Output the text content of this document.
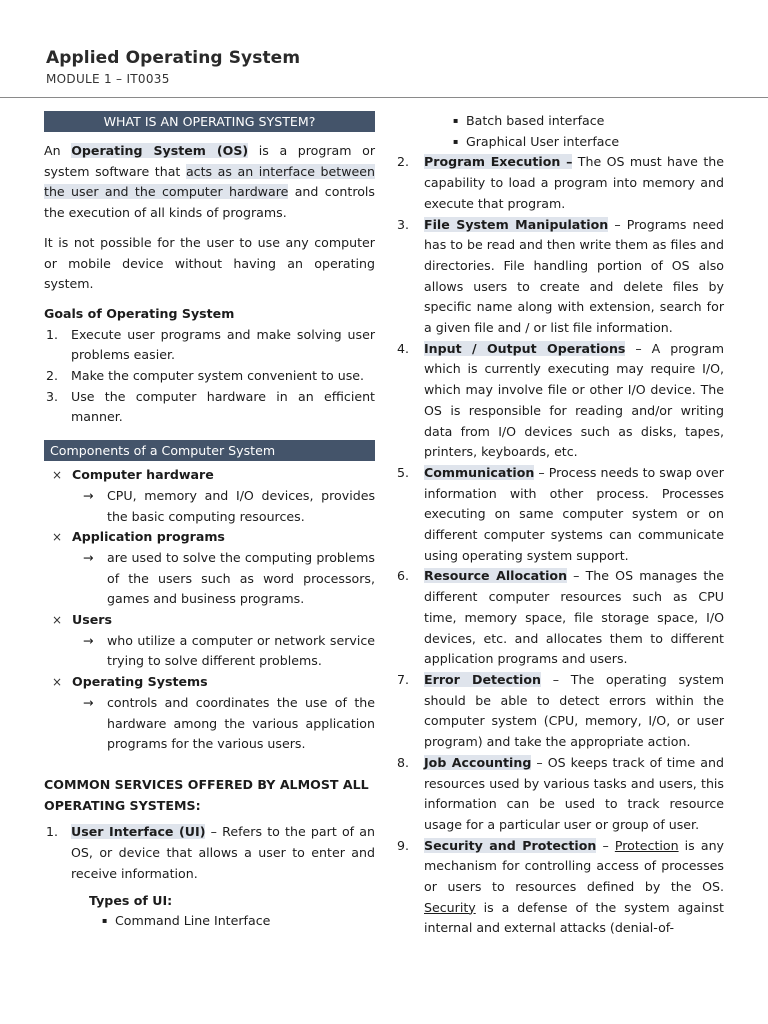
Applied Operating System
MODULE 1 – IT0035
WHAT IS AN OPERATING SYSTEM?

An Operating System (OS) is a program or system software that acts as an interface between the user and the computer hardware and controls the execution of all kinds of programs.

It is not possible for the user to use any computer or mobile device without having an operating system.

Goals of Operating System
1. Execute user programs and make solving user problems easier.
2. Make the computer system convenient to use.
3. Use the computer hardware in an efficient manner.
Components of a Computer System
× Computer hardware
→ CPU, memory and I/O devices, provides the basic computing resources.
× Application programs
→ are used to solve the computing problems of the users such as word processors, games and business programs.
× Users
→ who utilize a computer or network service trying to solve different problems.
× Operating Systems
→ controls and coordinates the use of the hardware among the various application programs for the various users.
COMMON SERVICES OFFERED BY ALMOST ALL OPERATING SYSTEMS:
1. User Interface (UI) – Refers to the part of an OS, or device that allows a user to enter and receive information.
Types of UI:
▪ Command Line Interface
▪ Batch based interface
▪ Graphical User interface
2. Program Execution – The OS must have the capability to load a program into memory and execute that program.
3. File System Manipulation – Programs need has to be read and then write them as files and directories. File handling portion of OS also allows users to create and delete files by specific name along with extension, search for a given file and / or list file information.
4. Input / Output Operations – A program which is currently executing may require I/O, which may involve file or other I/O device. The OS is responsible for reading and/or writing data from I/O devices such as disks, tapes, printers, keyboards, etc.
5. Communication – Process needs to swap over information with other process. Processes executing on same computer system or on different computer systems can communicate using operating system support.
6. Resource Allocation – The OS manages the different computer resources such as CPU time, memory space, file storage space, I/O devices, etc. and allocates them to different application programs and users.
7. Error Detection – The operating system should be able to detect errors within the computer system (CPU, memory, I/O, or user program) and take the appropriate action.
8. Job Accounting – OS keeps track of time and resources used by various tasks and users, this information can be used to track resource usage for a particular user or group of user.
9. Security and Protection – Protection is any mechanism for controlling access of processes or users to resources defined by the OS. Security is a defense of the system against internal and external attacks (denial-of-
